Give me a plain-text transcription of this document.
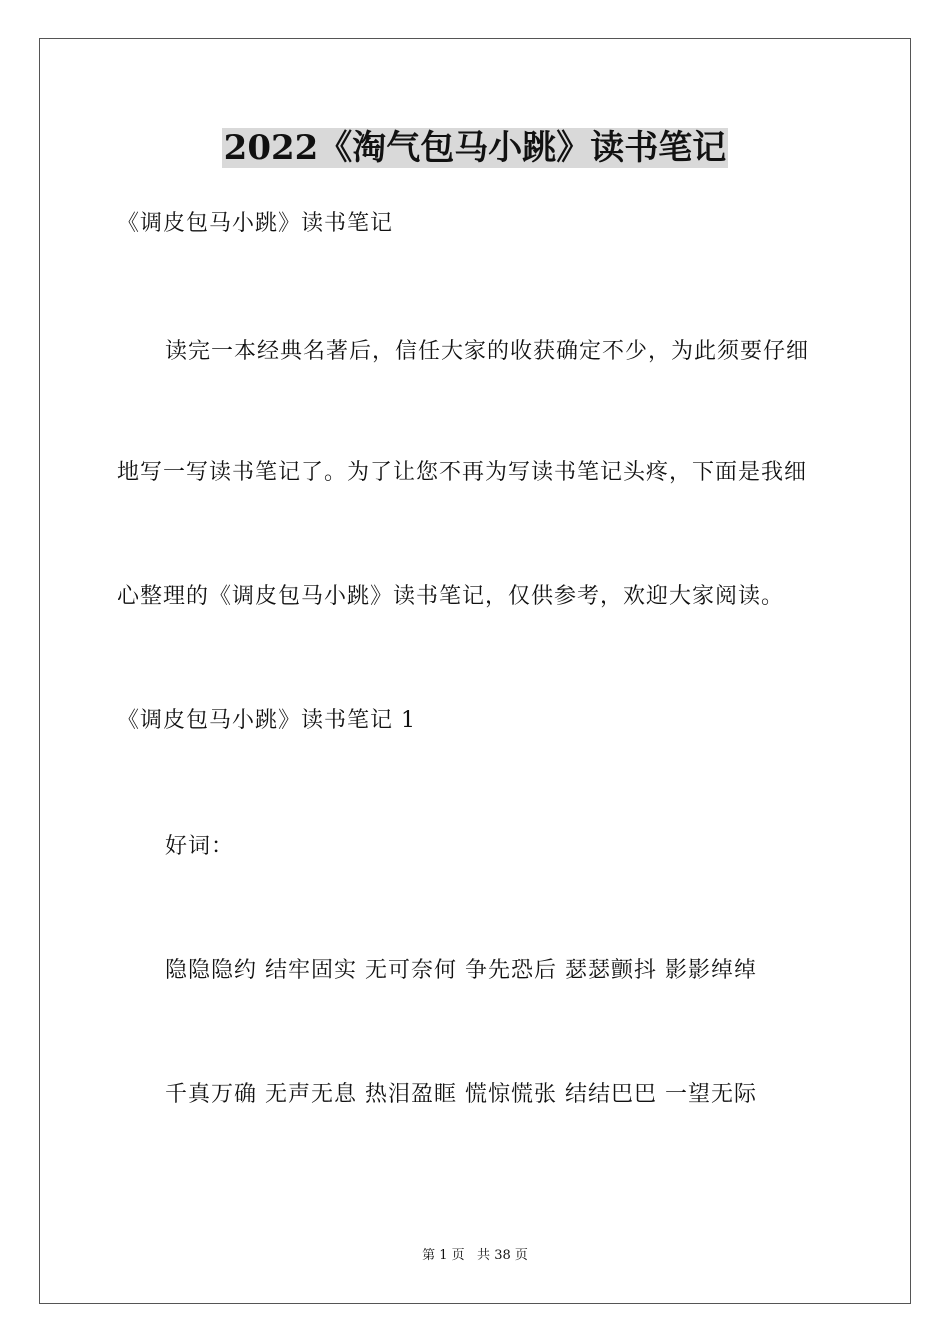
2022《淘气包马小跳》读书笔记
《调皮包马小跳》读书笔记
读完一本经典名著后，信任大家的收获确定不少，为此须要仔细
地写一写读书笔记了。为了让您不再为写读书笔记头疼，下面是我细
心整理的《调皮包马小跳》读书笔记，仅供参考，欢迎大家阅读。
《调皮包马小跳》读书笔记 1
好词：
隐隐隐约 结牢固实 无可奈何 争先恐后 瑟瑟颤抖 影影绰绰
千真万确 无声无息 热泪盈眶 慌惊慌张 结结巴巴 一望无际
第 1 页   共 38 页
